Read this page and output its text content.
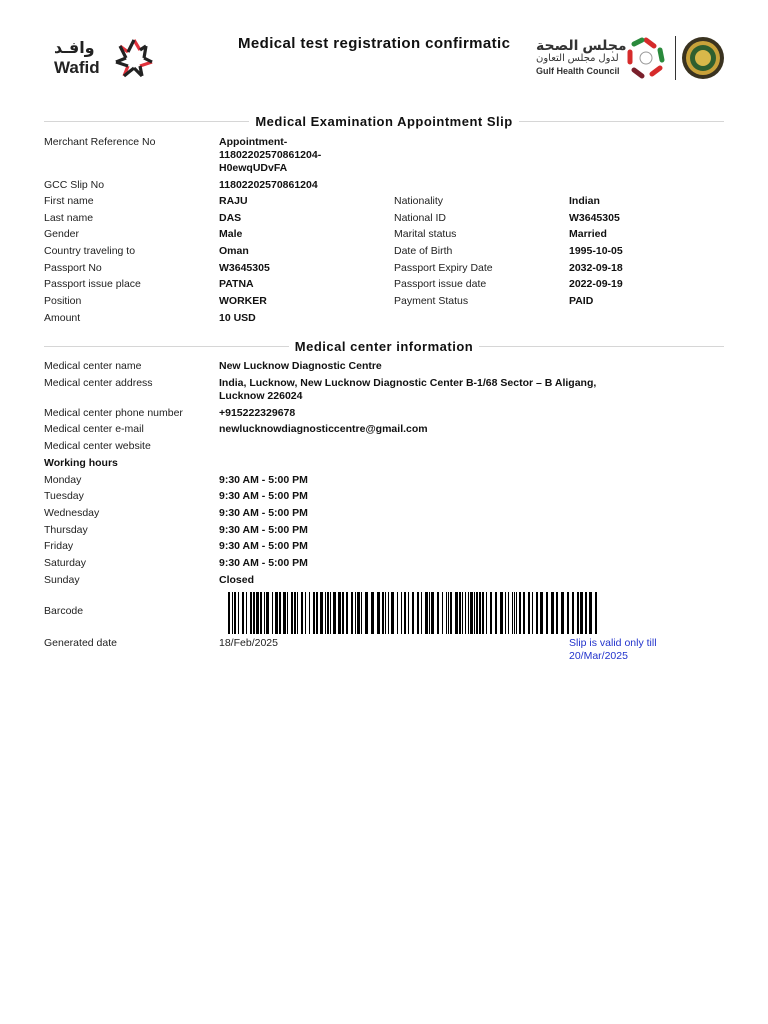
وافـد
Wafid
Medical test registration confirmatic مجلس الصحة
لدول مجلس التعاون
Gulf Health Council
Medical Examination Appointment Slip
Merchant Reference No	Appointment-
11802202570861204-
H0ewqUDvFA
GCC Slip No	11802202570861204
First name	RAJU	Nationality	Indian
Last name	DAS	National ID	W3645305
Gender	Male	Marital status	Married
Country traveling to	Oman	Date of Birth	1995-10-05
Passport No	W3645305	Passport Expiry Date	2032-09-18
Passport issue place	PATNA	Passport issue date	2022-09-19
Position	WORKER	Payment Status	PAID
Amount	10 USD
Medical center information
Medical center name	New Lucknow Diagnostic Centre
Medical center address	India, Lucknow, New Lucknow Diagnostic Center B-1/68 Sector – B Aligang,
Lucknow 226024
Medical center phone number	+915222329678
Medical center e-mail	newlucknowdiagnosticcentre@gmail.com
Medical center website
Working hours
Monday	9:30 AM - 5:00 PM
Tuesday	9:30 AM - 5:00 PM
Wednesday	9:30 AM - 5:00 PM
Thursday	9:30 AM - 5:00 PM
Friday	9:30 AM - 5:00 PM
Saturday	9:30 AM - 5:00 PM
Sunday	Closed
Barcode
Generated date	18/Feb/2025	Slip is valid only till
20/Mar/2025
